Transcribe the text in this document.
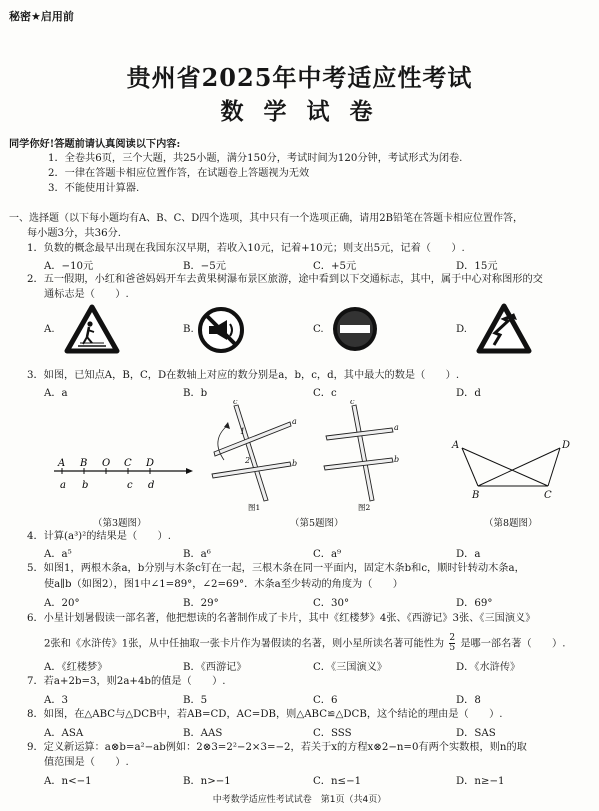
秘密★启用前
贵州省2025年中考适应性考试
数 学 试 卷
同学你好!答题前请认真阅读以下内容:
1．全卷共6页，三个大题，共25小题，满分150分，考试时间为120分钟，考试形式为闭卷.
2．一律在答题卡相应位置作答，在试题卷上答题视为无效
3．不能使用计算器.
一、选择题（以下每小题均有A、B、C、D四个选项，其中只有一个选项正确，请用2B铅笔在答题卡相应位置作答，
每小题3分，共36分.
1．负数的概念最早出现在我国东汉早期，若收入10元，记着+10元；则支出5元，记着（　　）.
A．−10元	B．−5元	C．+5元	D．15元
2．五一假期，小红和爸爸妈妈开车去黄果树瀑布景区旅游，途中看到以下交通标志，其中，属于中心对称图形的交
通标志是（　　）.
A.	B.	C.	D.
3．如图，已知点A，B，C，D在数轴上对应的数分别是a，b，c，d，其中最大的数是（　　）.
A．a	B．b	C．c	D．d
A B O C D
a b	c d
（第3题图）
c
1
a
2	b
图1
c
a
b
图2
（第5题图）
A	D
B	C
（第8题图）
4．计算(a³)²的结果是（　　）.
A．a⁵	B．a⁶	C．a⁹	D．a
5．如图1，两根木条a，b分别与木条c钉在一起，三根木条在同一平面内，固定木条b和c，顺时针转动木条a，
使a∥b（如图2），图1中∠1=89°，∠2=69°．木条a至少转动的角度为（　　）
A．20°	B．29°	C．30°	D．69°
6．小星计划暑假读一部名著，他把想读的名著制作成了卡片，其中《红楼梦》4张、《西游记》3张、《三国演义》
2张和《水浒传》1张，从中任抽取一张卡片作为暑假读的名著，则小星所读名著可能性为 $\frac{2}{5}$ 是哪一部名著（　　）.
A．《红楼梦》	B．《西游记》	C．《三国演义》	D．《水浒传》
7．若a+2b=3，则2a+4b的值是（　　）.
A．3	B．5	C．6	D．8
8．如图，在△ABC与△DCB中，若AB=CD，AC=DB，则△ABC≌△DCB，这个结论的理由是（　　）.
A．ASA	B．AAS	C．SSS	D．SAS
9．定义新运算：a⊗b=a²−ab例如：2⊗3=2²−2×3=−2，若关于x的方程x⊗2−n=0有两个实数根，则n的取
值范围是（　　）.
A．n<−1	B．n>−1	C．n≤−1	D．n≥−1
中考数学适应性考试试卷　第1页（共4页）
